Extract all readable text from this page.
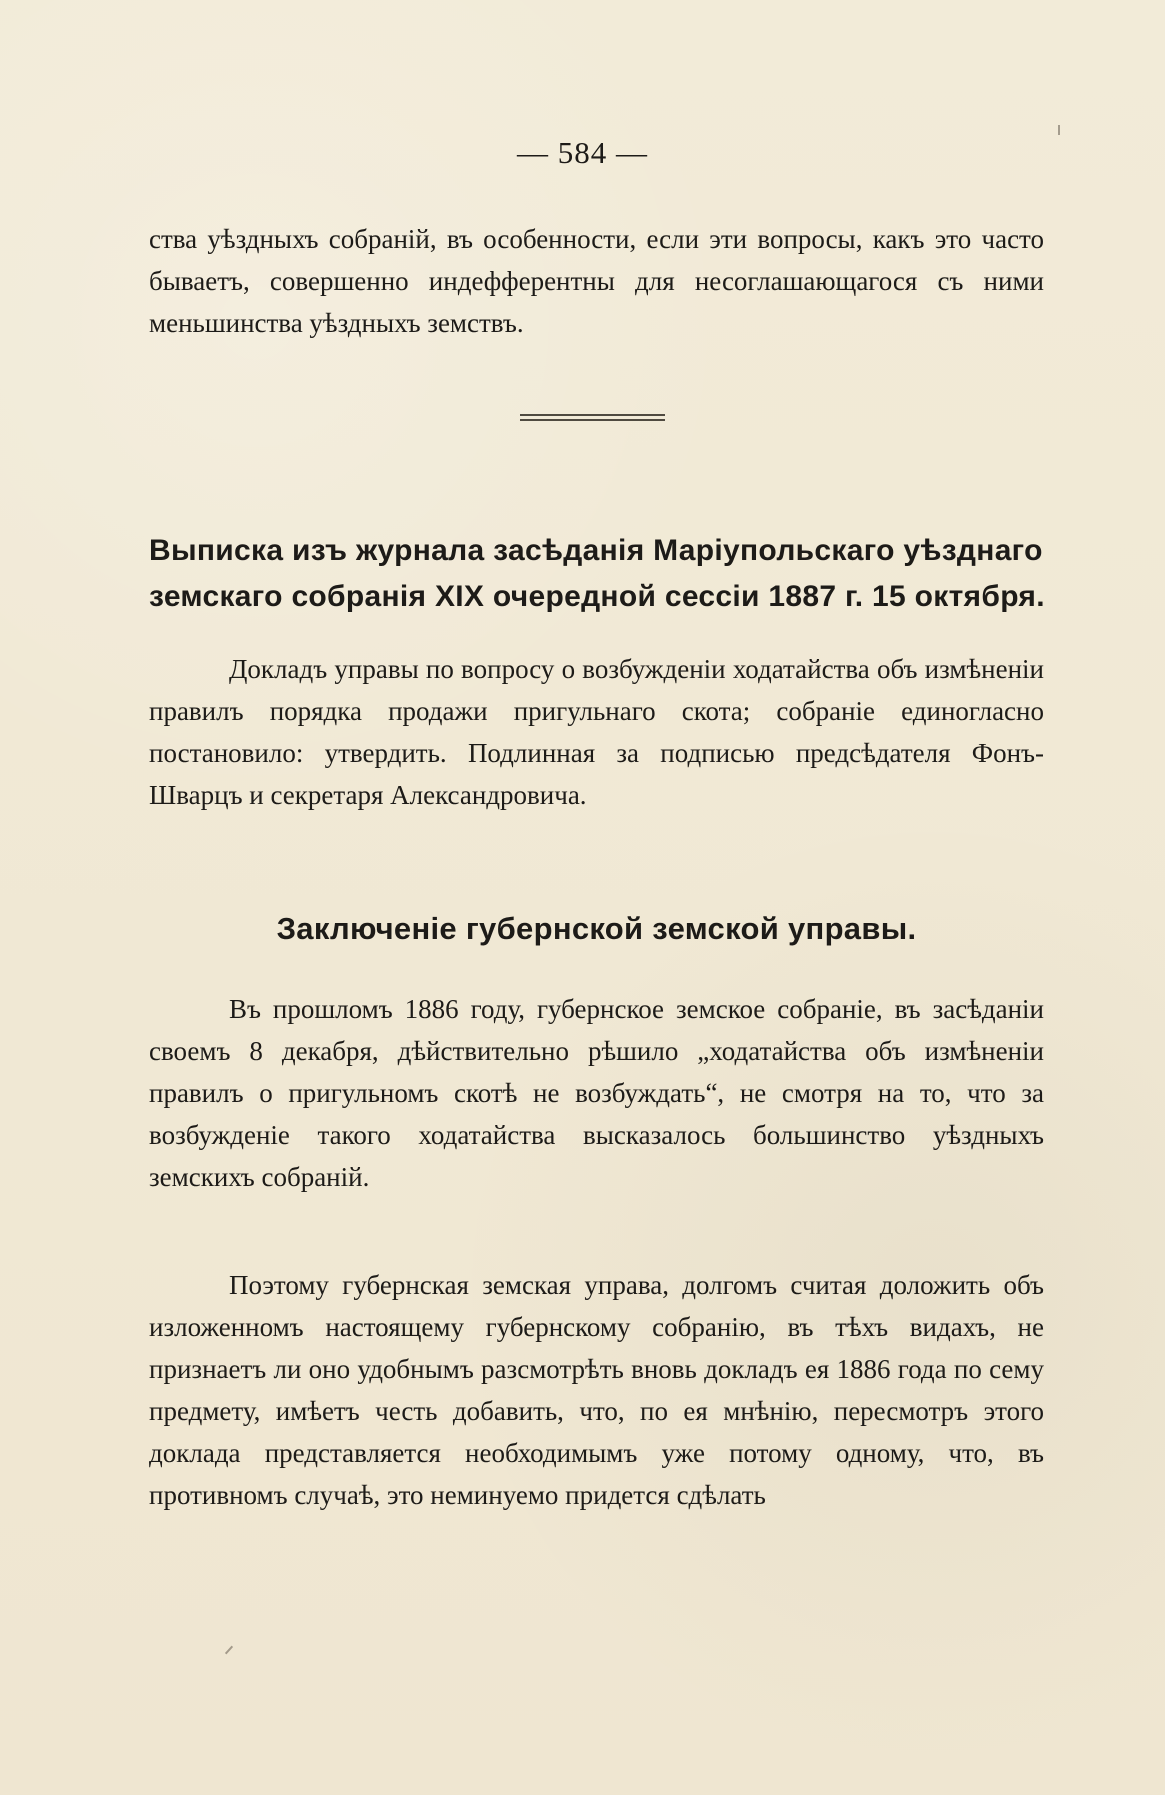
— 584 —
ства уѣздныхъ собраній, въ особенности, если эти вопросы, какъ это часто бываетъ, совершенно индефферентны для несоглашающагося съ ними меньшинства уѣздныхъ земствъ.
Выписка изъ журнала засѣданія Маріупольскаго уѣзднаго
земскаго собранія XIX очередной сессіи 1887 г. 15 октября.
Докладъ управы по вопросу о возбужденіи ходатайства объ измѣненіи правилъ порядка продажи пригульнаго скота; собраніе единогласно постановило: утвердить. Подлинная за подписью предсѣдателя Фонъ-Шварцъ и секретаря Александровича.
Заключеніе губернской земской управы.
Въ прошломъ 1886 году, губернское земское собраніе, въ засѣданіи своемъ 8 декабря, дѣйствительно рѣшило „ходатайства объ измѣненіи правилъ о пригульномъ скотѣ не возбуждать“, не смотря на то, что за возбужденіе такого ходатайства высказалось большинство уѣздныхъ земскихъ собраній.
Поэтому губернская земская управа, долгомъ считая доложить объ изложенномъ настоящему губернскому собранію, въ тѣхъ видахъ, не признаетъ ли оно удобнымъ разсмотрѣть вновь докладъ ея 1886 года по сему предмету, имѣетъ честь добавить, что, по ея мнѣнію, пересмотръ этого доклада представляется необходимымъ уже потому одному, что, въ противномъ случаѣ, это неминуемо придется сдѣлать
